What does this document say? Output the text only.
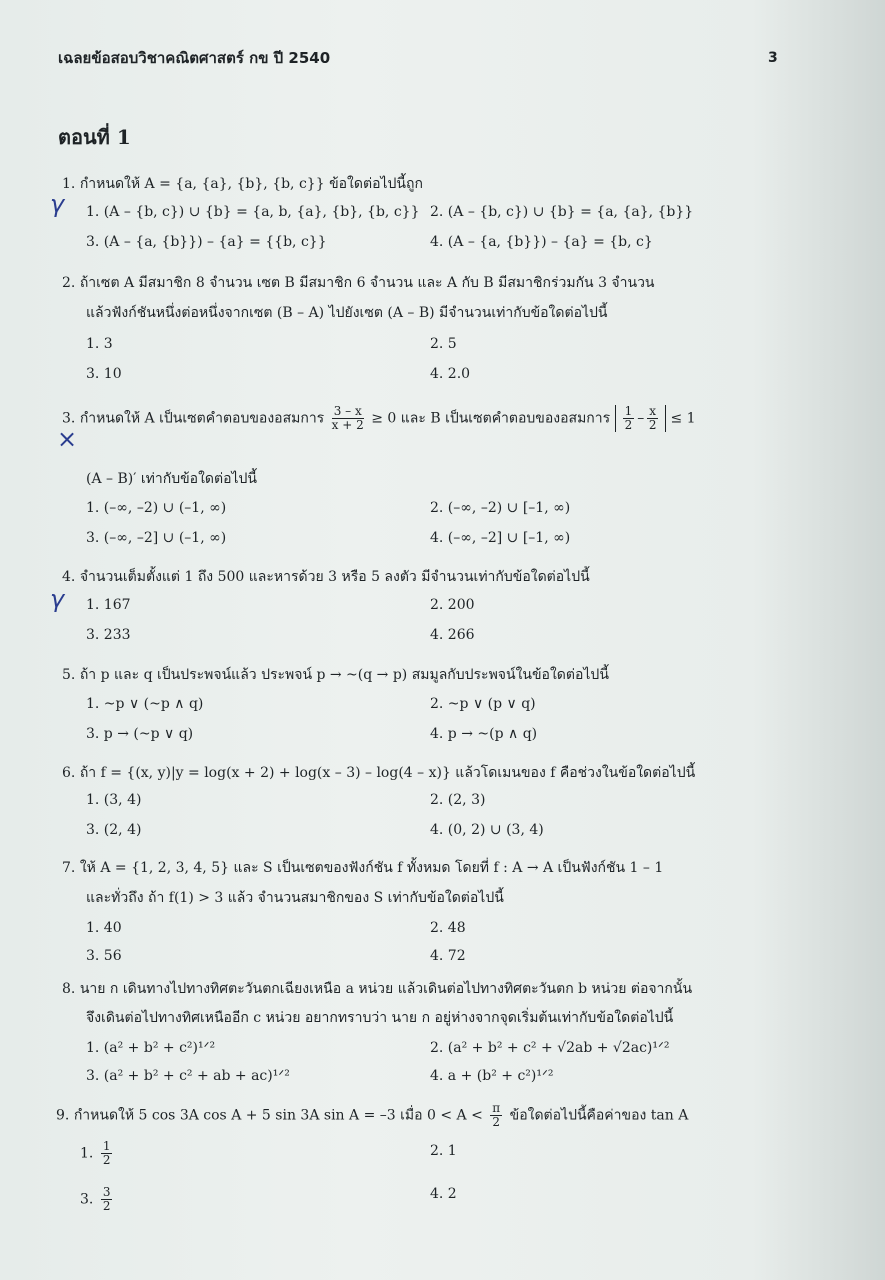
เฉลยข้อสอบวิชาคณิตศาสตร์ กข ปี 2540	3
ตอนที่ 1
1. กำหนดให้ A = {a, {a}, {b}, {b, c}} ข้อใดต่อไปนี้ถูก
γ 1. (A – {b, c}) ∪ {b} = {a, b, {a}, {b}, {b, c}} 2. (A – {b, c}) ∪ {b} = {a, {a}, {b}}
3. (A – {a, {b}}) – {a} = {{b, c}}	4. (A – {a, {b}}) – {a} = {b, c}
2. ถ้าเซต A มีสมาชิก 8 จำนวน เซต B มีสมาชิก 6 จำนวน และ A กับ B มีสมาชิกร่วมกัน 3 จำนวน
แล้วฟังก์ชันหนึ่งต่อหนึ่งจากเซต (B – A) ไปยังเซต (A – B) มีจำนวนเท่ากับข้อใดต่อไปนี้
1. 3	2. 5
3. 10	4. 2.0
3. กำหนดให้ A เป็นเซตคำตอบของอสมการ $\frac{3 - x}{x + 2} \ge 0$ และ B เป็นเซตคำตอบของอสมการ $\frac{1}{2} - \frac{x}{2} \le 1$
×
(A – B)′ เท่ากับข้อใดต่อไปนี้
1. (–∞, –2) ∪ (–1, ∞)	2. (–∞, –2) ∪ [–1, ∞)
3. (–∞, –2] ∪ (–1, ∞)	4. (–∞, –2] ∪ [–1, ∞)
4. จำนวนเต็มตั้งแต่ 1 ถึง 500 และหารด้วย 3 หรือ 5 ลงตัว มีจำนวนเท่ากับข้อใดต่อไปนี้
γ 1. 167	2. 200
3. 233	4. 266
5. ถ้า p และ q เป็นประพจน์แล้ว ประพจน์ p → ~(q → p) สมมูลกับประพจน์ในข้อใดต่อไปนี้
1. ~p ∨ (~p ∧ q)	2. ~p ∨ (p ∨ q)
3. p → (~p ∨ q)	4. p → ~(p ∧ q)
6. ถ้า f = {(x, y)|y = log(x + 2) + log(x – 3) – log(4 – x)} แล้วโดเมนของ f คือช่วงในข้อใดต่อไปนี้
1. (3, 4)	2. (2, 3)
3. (2, 4)	4. (0, 2) ∪ (3, 4)
7. ให้ A = {1, 2, 3, 4, 5} และ S เป็นเซตของฟังก์ชัน f ทั้งหมด โดยที่ f : A → A เป็นฟังก์ชัน 1 – 1
และทั่วถึง ถ้า f(1) > 3 แล้ว จำนวนสมาชิกของ S เท่ากับข้อใดต่อไปนี้
1. 40	2. 48
3. 56	4. 72
8. นาย ก เดินทางไปทางทิศตะวันตกเฉียงเหนือ a หน่วย แล้วเดินต่อไปทางทิศตะวันตก b หน่วย ต่อจากนั้น
จึงเดินต่อไปทางทิศเหนืออีก c หน่วย อยากทราบว่า นาย ก อยู่ห่างจากจุดเริ่มต้นเท่ากับข้อใดต่อไปนี้
1. (a² + b² + c²)¹ᐟ²	2. (a² + b² + c² + √2ab + √2ac)¹ᐟ²
3. (a² + b² + c² + ab + ac)¹ᐟ²	4. a + (b² + c²)¹ᐟ²
9. กำหนดให้ 5 cos 3A cos A + 5 sin 3A sin A = –3 เมื่อ $0 < A < \frac{\pi}{2}$ ข้อใดต่อไปนี้คือค่าของ tan A
1. $\frac{1}{2}$	2. 1
3. $\frac{3}{2}$	4. 2
